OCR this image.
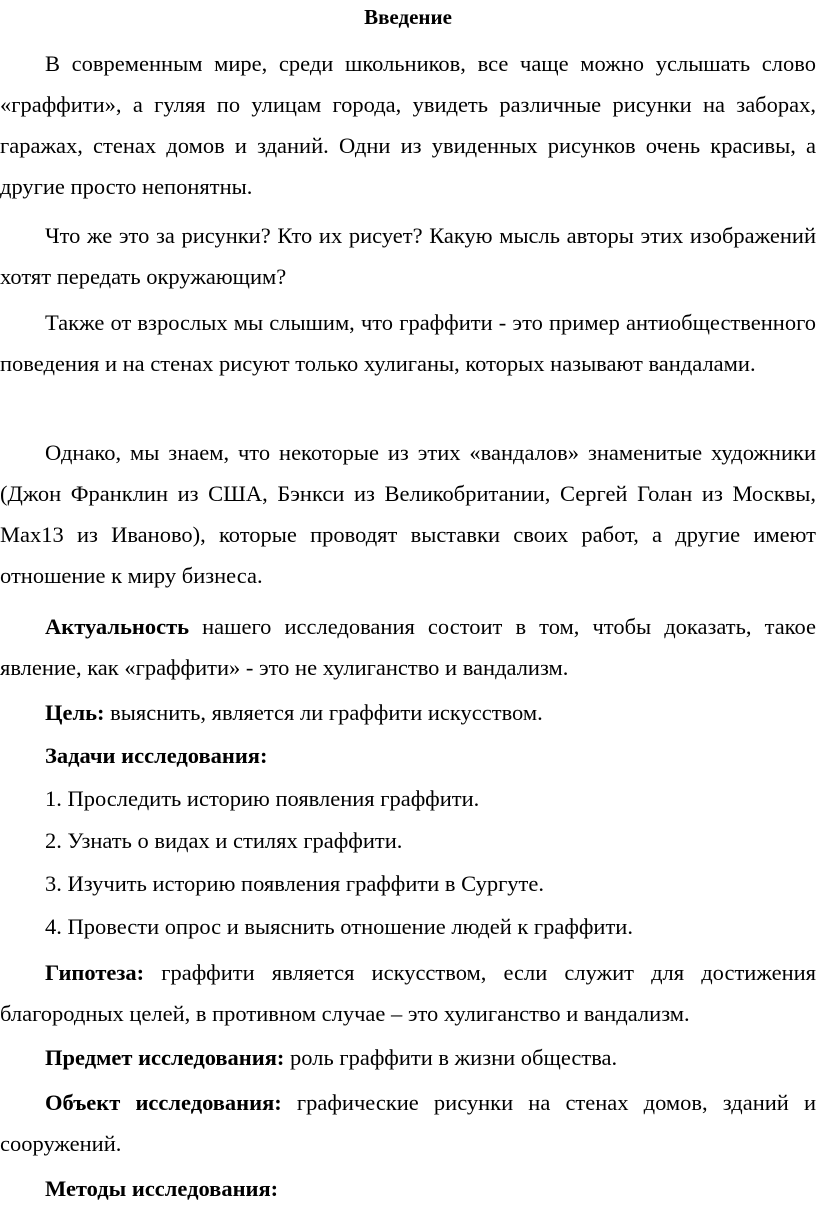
Введение

В современным мире, среди школьников, все чаще можно услышать слово «граффити», а гуляя по улицам города, увидеть различные рисунки на заборах, гаражах, стенах домов и зданий. Одни из увиденных рисунков очень красивы, а другие просто непонятны.

Что же это за рисунки? Кто их рисует? Какую мысль авторы этих изображений хотят передать окружающим?

Также от взрослых мы слышим, что граффити - это пример антиобщественного поведения и на стенах рисуют только хулиганы, которых называют вандалами.

Однако, мы знаем, что некоторые из этих «вандалов» знаменитые художники (Джон Франклин из США, Бэнкси из Великобритании, Сергей Голан из Москвы, Max13 из Иваново), которые проводят выставки своих работ, а другие имеют отношение к миру бизнеса.

Актуальность нашего исследования состоит в том, чтобы доказать, такое явление, как «граффити» - это не хулиганство и вандализм.

Цель: выяснить, является ли граффити искусством.

Задачи исследования:

1. Проследить историю появления граффити.

2. Узнать о видах и стилях граффити.

3. Изучить историю появления граффити в Сургуте.

4. Провести опрос и выяснить отношение людей к граффити.

Гипотеза: граффити является искусством, если служит для достижения благородных целей, в противном случае – это хулиганство и вандализм.

Предмет исследования: роль граффити в жизни общества.

Объект исследования: графические рисунки на стенах домов, зданий и сооружений.

Методы исследования:
